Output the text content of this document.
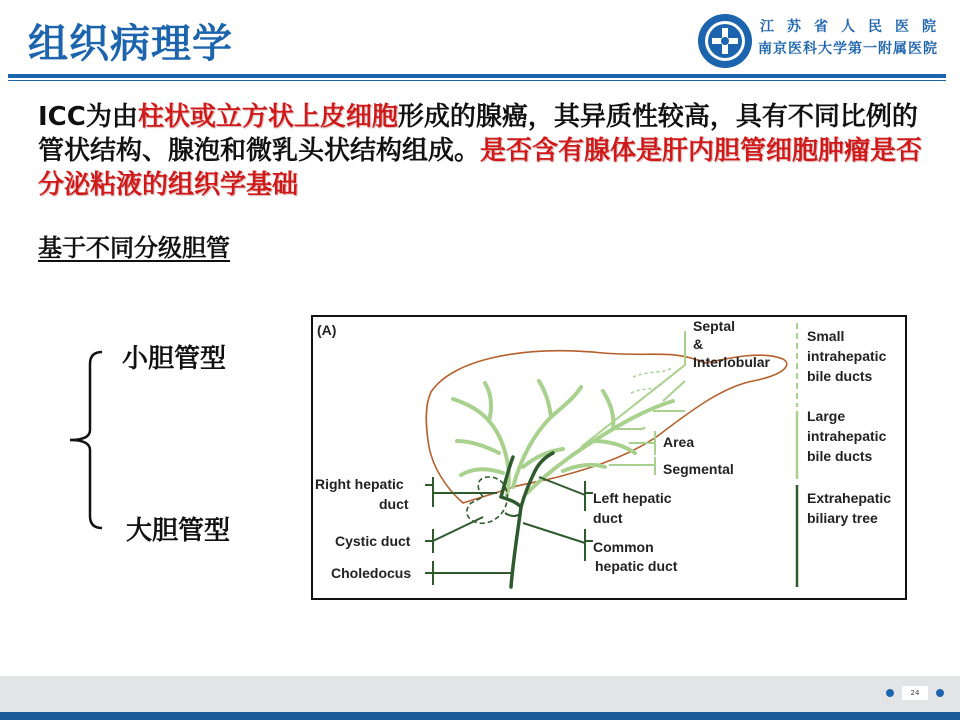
组织病理学	江苏省人民医院
南京医科大学第一附属医院
ICC为由柱状或立方状上皮细胞形成的腺癌，其异质性较高，具有不同比例的管状结构、腺泡和微乳头状结构组成。是否含有腺体是肝内胆管细胞肿瘤是否分泌粘液的组织学基础
基于不同分级胆管
小胆管型
大胆管型
(A)	Septal
&
Interlobular
Area
Segmental
Right hepatic
duct
Cystic duct
Choledocus
Left hepatic
duct
Common
hepatic duct
Small
intrahepatic
bile ducts
Large
intrahepatic
bile ducts
Extrahepatic
biliary tree
24
